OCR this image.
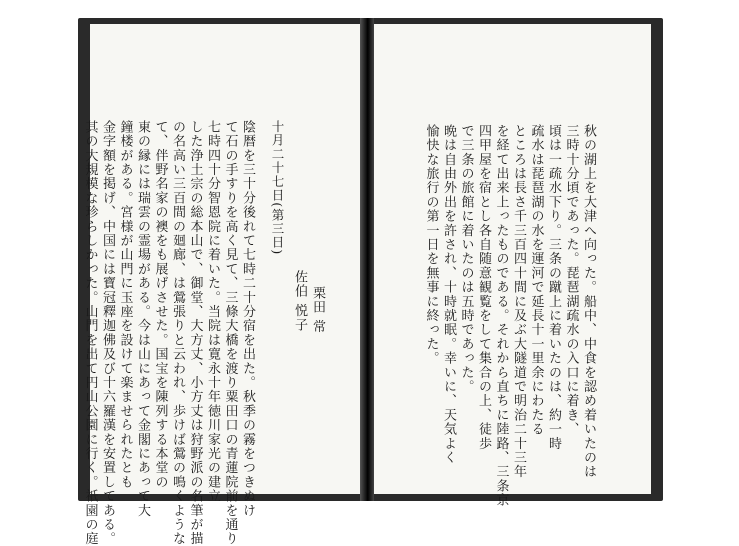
十月二十七日(第三日)
佐伯 悦子 栗田 常
陰暦を三十分後れて七時二十分宿を出た。秋季の霧をつきぬけ
て石の手すりを高く見て、三條大橋を渡り粟田口の青蓮院前を通り
七時四十分智恩院に着いた。当院は寛永十年徳川家光の建立
した浄土宗の総本山で、御堂、大方丈、小方丈は狩野派の名筆が描
の名高い三百間の廻廊、は鶯張りと云われ、歩けば鶯の鳴くような
て、伴野名家の襖をも展げさせた。国宝を陳列する本堂の
東の縁には瑞雲の霊場がある。今は山にあって金閣にあって大
鐘楼がある。宮様が山門に玉座を設けて楽ませられたとも
金字額を掲げ、中国には寶冠釋迦佛及び十六羅漢を安置してある。
其の大規模な珍らしかった。山門を出て円山公園に行く。祇園の庭	秋の湖上を大津へ向った。船中、中食を認め着いたのは
三時十分頃であった。琵琶湖疏水の入口に着き、
頃は一疏水下り。三条の蹴上に着いたのは、約一時
疏水は琵琶湖の水を運河で延長十一里余にわたる
ところは長さ千三百四十間に及ぶ大隧道で明治二十三年
を経て出来上ったものである。それから直ちに陸路、三条京
四甲屋を宿とし各自随意観覧をして集合の上、徒歩
で三条の旅館に着いたのは五時であった。
晩は自由外出を許され、十時就眠。幸いに、天気よく
愉快な旅行の第一日を無事に終った。
